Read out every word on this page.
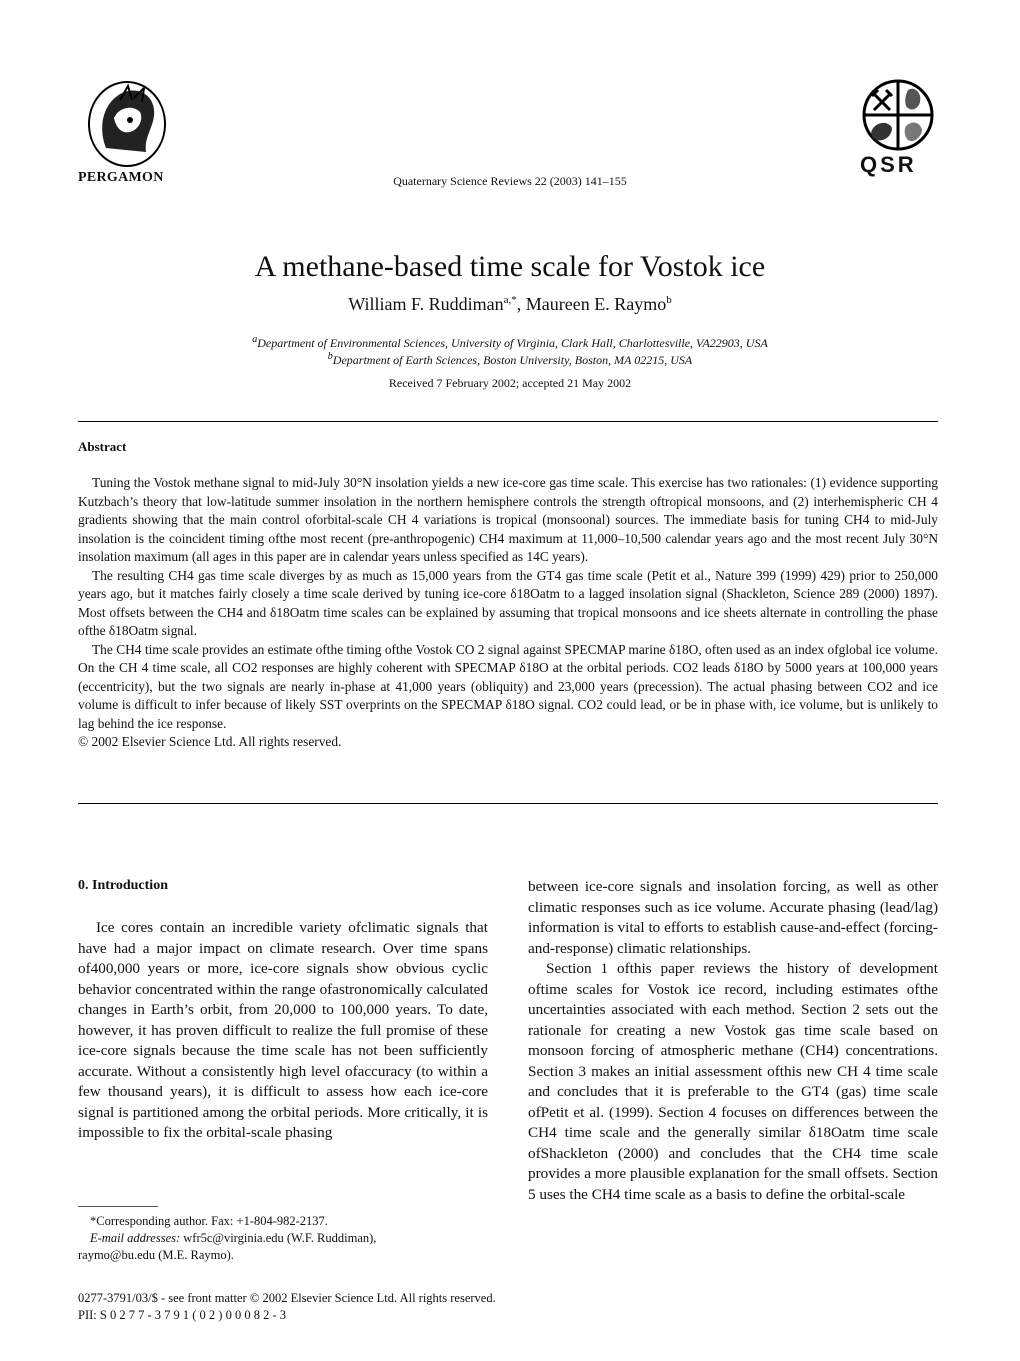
PERGAMON	Quaternary Science Reviews 22 (2003) 141–155
QSR
A methane-based time scale for Vostok ice
William F. Ruddiman$^{a,*}$, Maureen E. Raymo$^b$
$^a$Department of Environmental Sciences, University of Virginia, Clark Hall, Charlottesville, VA22903, USA
$^b$Department of Earth Sciences, Boston University, Boston, MA 02215, USA
Received 7 February 2002; accepted 21 May 2002
Abstract

Tuning the Vostok methane signal to mid-July 30°N insolation yields a new ice-core gas time scale. This exercise has two rationales: (1) evidence supporting Kutzbach’s theory that low-latitude summer insolation in the northern hemisphere controls the strength oftropical monsoons, and (2) interhemispheric CH 4 gradients showing that the main control oforbital-scale CH 4 variations is tropical (monsoonal) sources. The immediate basis for tuning CH4 to mid-July insolation is the coincident timing ofthe most recent (pre-anthropogenic) CH4 maximum at 11,000–10,500 calendar years ago and the most recent July 30°N insolation maximum (all ages in this paper are in calendar years unless specified as 14C years).

The resulting CH4 gas time scale diverges by as much as 15,000 years from the GT4 gas time scale (Petit et al., Nature 399 (1999) 429) prior to 250,000 years ago, but it matches fairly closely a time scale derived by tuning ice-core δ18Oatm to a lagged insolation signal (Shackleton, Science 289 (2000) 1897). Most offsets between the CH4 and δ18Oatm time scales can be explained by assuming that tropical monsoons and ice sheets alternate in controlling the phase ofthe δ18Oatm signal.

The CH4 time scale provides an estimate ofthe timing ofthe Vostok CO 2 signal against SPECMAP marine δ18O, often used as an index ofglobal ice volume. On the CH 4 time scale, all CO2 responses are highly coherent with SPECMAP δ18O at the orbital periods. CO2 leads δ18O by 5000 years at 100,000 years (eccentricity), but the two signals are nearly in-phase at 41,000 years (obliquity) and 23,000 years (precession). The actual phasing between CO2 and ice volume is difficult to infer because of likely SST overprints on the SPECMAP δ18O signal. CO2 could lead, or be in phase with, ice volume, but is unlikely to lag behind the ice response.

© 2002 Elsevier Science Ltd. All rights reserved.

0. Introduction

Ice cores contain an incredible variety ofclimatic signals that have had a major impact on climate research. Over time spans of400,000 years or more, ice-core signals show obvious cyclic behavior concentrated within the range ofastronomically calculated changes in Earth’s orbit, from 20,000 to 100,000 years. To date, however, it has proven difficult to realize the full promise of these ice-core signals because the time scale has not been sufficiently accurate. Without a consistently high level ofaccuracy (to within a few thousand years), it is difficult to assess how each ice-core signal is partitioned among the orbital periods. More critically, it is impossible to fix the orbital-scale phasing

between ice-core signals and insolation forcing, as well as other climatic responses such as ice volume. Accurate phasing (lead/lag) information is vital to efforts to establish cause-and-effect (forcing-and-response) climatic relationships.

Section 1 ofthis paper reviews the history of development oftime scales for Vostok ice record, including estimates ofthe uncertainties associated with each method. Section 2 sets out the rationale for creating a new Vostok gas time scale based on monsoon forcing of atmospheric methane (CH4) concentrations. Section 3 makes an initial assessment ofthis new CH 4 time scale and concludes that it is preferable to the GT4 (gas) time scale ofPetit et al. (1999). Section 4 focuses on differences between the CH4 time scale and the generally similar δ18Oatm time scale ofShackleton (2000) and concludes that the CH4 time scale provides a more plausible explanation for the small offsets. Section 5 uses the CH4 time scale as a basis to define the orbital-scale

*Corresponding author. Fax: +1-804-982-2137.
E-mail addresses: wfr5c@virginia.edu (W.F. Ruddiman),
raymo@bu.edu (M.E. Raymo).
0277-3791/03/$ - see front matter © 2002 Elsevier Science Ltd. All rights reserved.
PII: S 0 2 7 7 - 3 7 9 1 ( 0 2 ) 0 0 0 8 2 - 3
